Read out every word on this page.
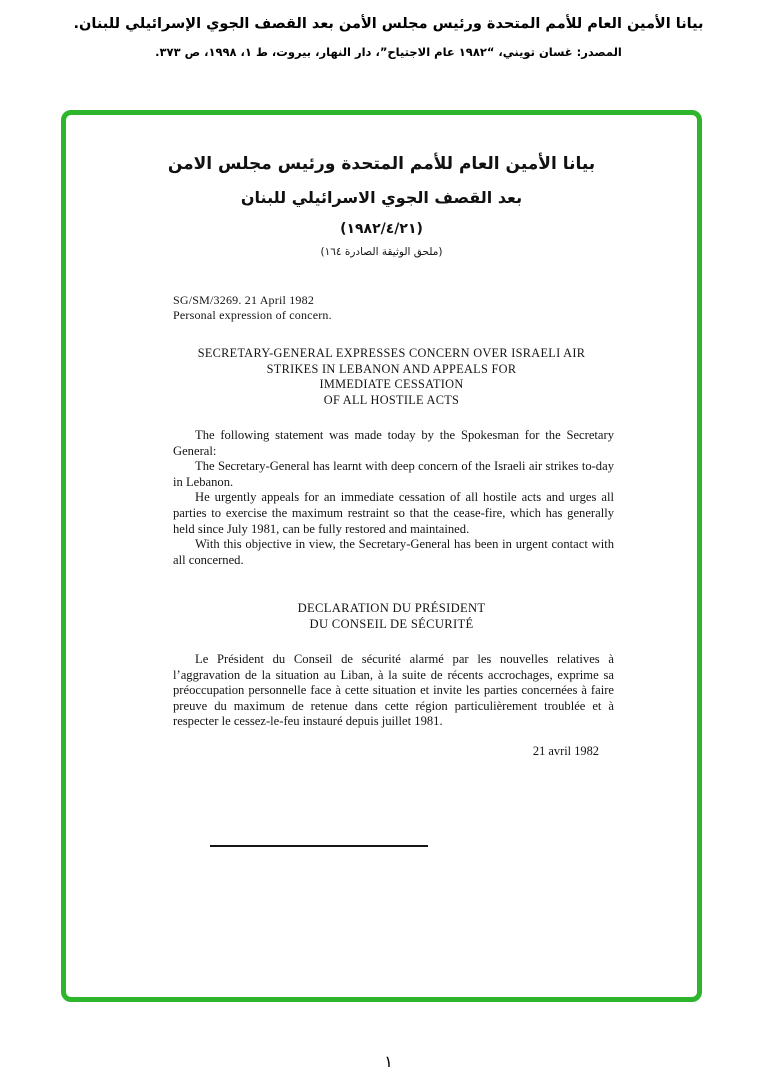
بيانا الأمين العام للأمم المتحدة ورئيس مجلس الأمن بعد القصف الجوي الإسرائيلي للبنان.
المصدر: غسان تويني، “١٩٨٢ عام الاجتياح”، دار النهار، بيروت، ط ١، ١٩٩٨، ص ٣٧٣.
بيانا الأمين العام للأمم المتحدة ورئيس مجلس الامن
بعد القصف الجوي الاسرائيلي للبنان
(١٩٨٢/٤/٢١)
(ملحق الوثيقة الصادرة ١٦٤)
SG/SM/3269. 21 April 1982
Personal expression of concern.
SECRETARY-GENERAL EXPRESSES CONCERN OVER ISRAELI AIR
STRIKES IN LEBANON AND APPEALS FOR
IMMEDIATE CESSATION
OF ALL HOSTILE ACTS

The following statement was made today by the Spokesman for the Secretary General:

The Secretary-General has learnt with deep concern of the Israeli air strikes to-day in Lebanon.

He urgently appeals for an immediate cessation of all hostile acts and urges all parties to exercise the maximum restraint so that the cease-fire, which has generally held since July 1981, can be fully restored and maintained.

With this objective in view, the Secretary-General has been in urgent contact with all concerned.

DECLARATION DU PRÉSIDENT
DU CONSEIL DE SÉCURITÉ

Le Président du Conseil de sécurité alarmé par les nouvelles relatives à l’aggravation de la situation au Liban, à la suite de récents accrochages, exprime sa préoccupation personnelle face à cette situation et invite les parties concernées à faire preuve du maximum de retenue dans cette région particulièrement troublée et à respecter le cessez-le-feu instauré depuis juillet 1981.

21 avril 1982
١
